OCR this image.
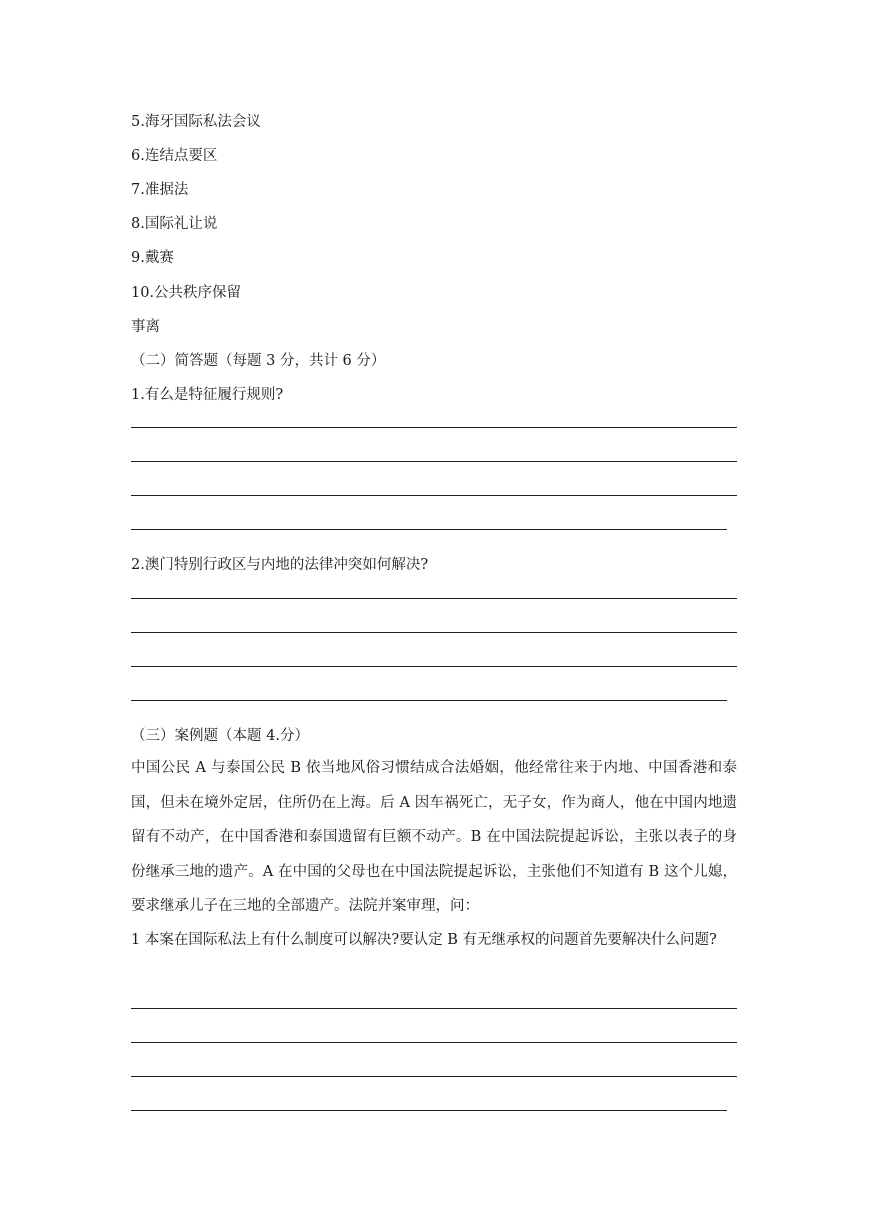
5.海牙国际私法会议
6.连结点要区
7.准据法
8.国际礼让说
9.戴赛
10.公共秩序保留
事离
（二）简答题（每题 3 分，共计 6 分）
1.有么是特征履行规则?
2.澳门特别行政区与内地的法律冲突如何解决?
（三）案例题（本题 4.分）
中国公民 A 与泰国公民 B 依当地风俗习惯结成合法婚姻，他经常往来于内地、中国香港和泰国，但未在境外定居，住所仍在上海。后 A 因车祸死亡，无子女，作为商人，他在中国内地遗留有不动产，在中国香港和泰国遗留有巨额不动产。B 在中国法院提起诉讼，主张以表子的身份继承三地的遗产。A 在中国的父母也在中国法院提起诉讼，主张他们不知道有 B 这个儿媳，要求继承儿子在三地的全部遗产。法院并案审理，问：
1 本案在国际私法上有什么制度可以解决?要认定 B 有无继承权的问题首先要解决什么问题?
